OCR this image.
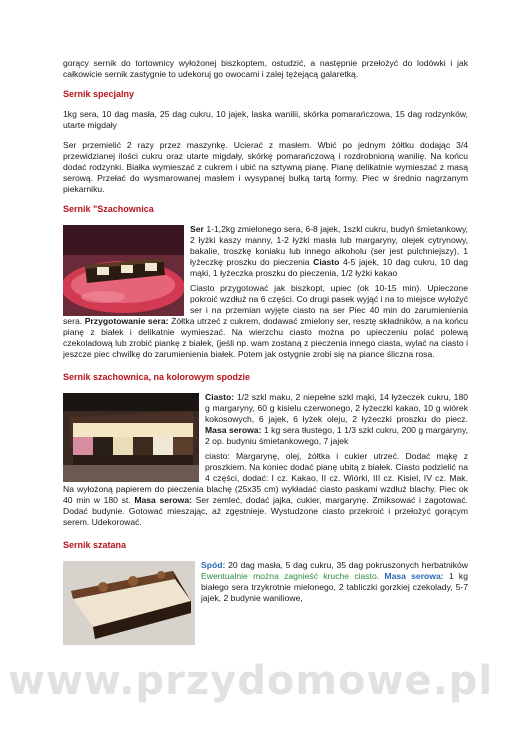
gorący sernik do tortownicy wyłożonej biszkoptem, ostudzić, a następnie przełożyć do lodówki i jak całkowicie sernik zastygnie to udekoruj go owocami i zalej tężejącą galaretką.

Sernik specjalny

1kg sera, 10 dag masła, 25 dag cukru, 10 jajek, laska wanilii, skórka pomarańczowa, 15 dag rodzynków, utarte migdały

Ser przemielić 2 razy przez maszynkę. Ucierać z masłem. Wbić po jednym żółtku dodając 3/4 przewidzianej ilości cukru oraz utarte migdały, skórkę pomarańczową i rozdrobnioną wanilię. Na końcu dodać rodzynki. Białka wymieszać z cukrem i ubić na sztywną pianę. Pianę delikatnie wymieszać z masą serową. Przełać do wysmarowanej masłem i wysypanej bułką tartą formy. Piec w średnio nagrzanym piekarniku.

Sernik "Szachownica

Ser 1-1,2kg zmielonego sera, 6-8 jajek, 1szkl cukru, budyń śmietankowy, 2 łyżki kaszy manny, 1-2 łyżki masła lub margaryny, olejek cytrynowy, bakalie, troszkę koniaku lub innego alkoholu (ser jest pulchniejszy), 1 łyżeczkę proszku do pieczenia Ciasto 4-5 jajek, 10 dag cukru, 10 dag mąki, 1 łyżeczka proszku do pieczenia, 1/2 łyżki kakao

Ciasto przygotować jak biszkopt, upiec (ok 10-15 min). Upieczone pokroić wzdłuż na 6 części. Co drugi pasek wyjąć i na to miejsce wyłożyć ser i na przemian wyjęte ciasto na ser Piec 40 min do zarumienienia sera. Przygotowanie sera: Żółtka utrzeć z cukrem, dodawać zmielony ser, resztę składników, a na końcu pianę z białek i delikatnie wymieszać. Na wierzchu ciasto można po upieczeniu polać polewą czekoladową lub zrobić piankę z białek, (jeśli np. wam zostaną z pieczenia innego ciasta, wylać na ciasto i jeszcze piec chwilkę do zarumienienia białek. Potem jak ostygnie zrobi się na piance śliczna rosa.

Sernik szachownica, na kolorowym spodzie

Ciasto: 1/2 szkl maku, 2 niepełne szkl mąki, 14 łyżeczek cukru, 180 g margaryny, 60 g kisielu czerwonego, 2 łyżeczki kakao, 10 g wiórek kokosowych, 6 jajek, 6 łyżek oleju, 2 łyżeczki proszku do piecz. Masa serowa: 1 kg sera tłustego, 1 1/3 szkl cukru, 200 g margaryny, 2 op. budyniu śmietankowego, 7 jajek

ciasto: Margarynę, olej, żółtka i cukier utrzeć. Dodać mąkę z proszkiem. Na koniec dodać pianę ubitą z białek. Ciasto podzielić na 4 części, dodać: I cz. Kakao, II cz. Wiórki, III cz. Kisiel, IV cz. Mak. Na wyłożoną papierem do pieczenia blachę (25x35 cm) wykładać ciasto paskami wzdłuż blachy. Piec ok 40 min w 180 st. Masa serowa: Ser zemleć, dodać jajka, cukier, margarynę. Zmiksować i zagotować. Dodać budynie. Gotować mieszając, aż zgęstnieje. Wystudzone ciasto przekroić i przełożyć gorącym serem. Udekorować.

Sernik szatana

Spód: 20 dag masła, 5 dag cukru, 35 dag pokruszonych herbatników Ewentualnie można zagnieść kruche ciasto. Masa serowa: 1 kg białego sera trzykrotnie mielonego, 2 tabliczki gorzkiej czekolady, 5-7 jajek, 2 budynie waniliowe,

www.przydomowe.pl
